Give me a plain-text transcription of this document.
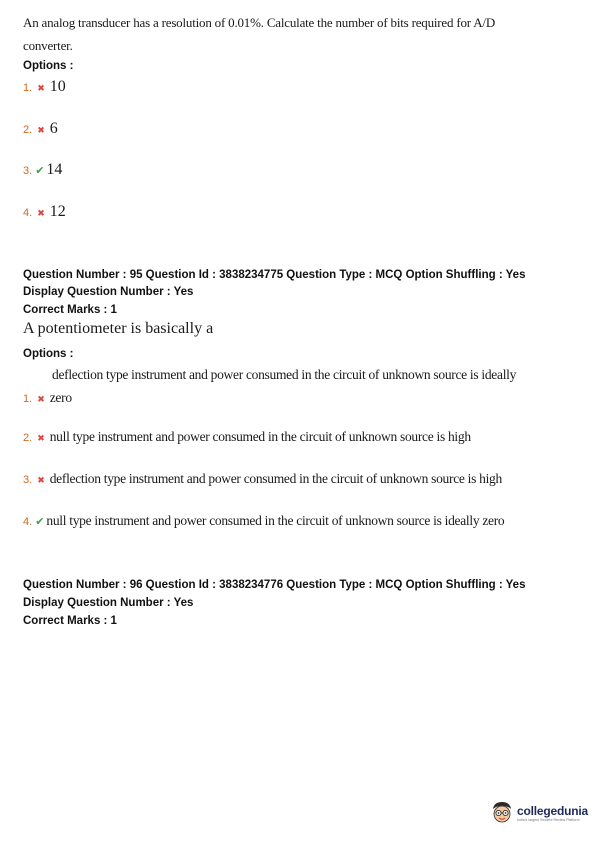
An analog transducer has a resolution of 0.01%. Calculate the number of bits required for A/D
converter.
Options :
1. ✖ 10
2. ✖ 6
3. ✔ 14
4. ✖ 12
Question Number : 95 Question Id : 3838234775 Question Type : MCQ Option Shuffling : Yes
Display Question Number : Yes
Correct Marks : 1
A potentiometer is basically a
Options :
deflection type instrument and power consumed in the circuit of unknown source is ideally
1. ✖ zero
2. ✖ null type instrument and power consumed in the circuit of unknown source is high
3. ✖ deflection type instrument and power consumed in the circuit of unknown source is high
4. ✔ null type instrument and power consumed in the circuit of unknown source is ideally zero
Question Number : 96 Question Id : 3838234776 Question Type : MCQ Option Shuffling : Yes
Display Question Number : Yes
Correct Marks : 1
collegedunia
India's largest Student Review Platform
